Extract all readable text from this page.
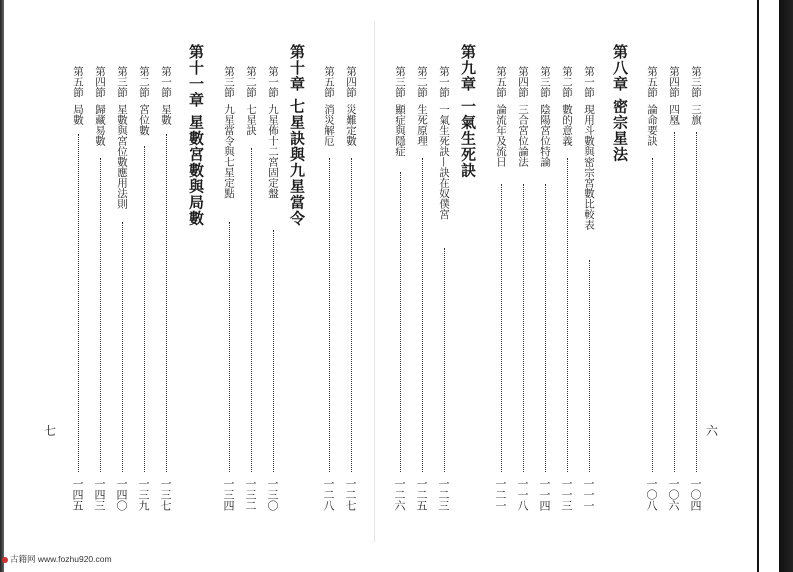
第三節
三旗
一〇四
第四節
四凰
一〇六
第五節
論命要訣
一〇八
第八章 密宗星法
第一節
現用斗數與密宗宮數比較表
一一一
第二節
數的意義
一一三
第三節
陰陽宮位特論
一一四
第四節
三合宮位論法
一一八
第五節
論流年及流日
一二一
第九章 一氣生死訣
第一節
一氣生死訣—訣在奴僕宮
一二三
第二節
生死原理
一二五
第三節
顯症與隱症
一二六
六
第四節
災難定數
一二七
第五節
消災解厄
一二八
第十章 七星訣與九星當令
第一節
九星佈十二宮固定盤
一三〇
第二節
七星訣
一三二
第三節
九星當令與七星定點
一三四
第十一章 星數宮數與局數
第一節
星數
一三七
第二節
宮位數
一三九
第三節
星數與宮位數應用法則
一四〇
第四節
歸藏易數
一四三
第五節
局數
一四五
七
古籍网 www.fozhu920.com
